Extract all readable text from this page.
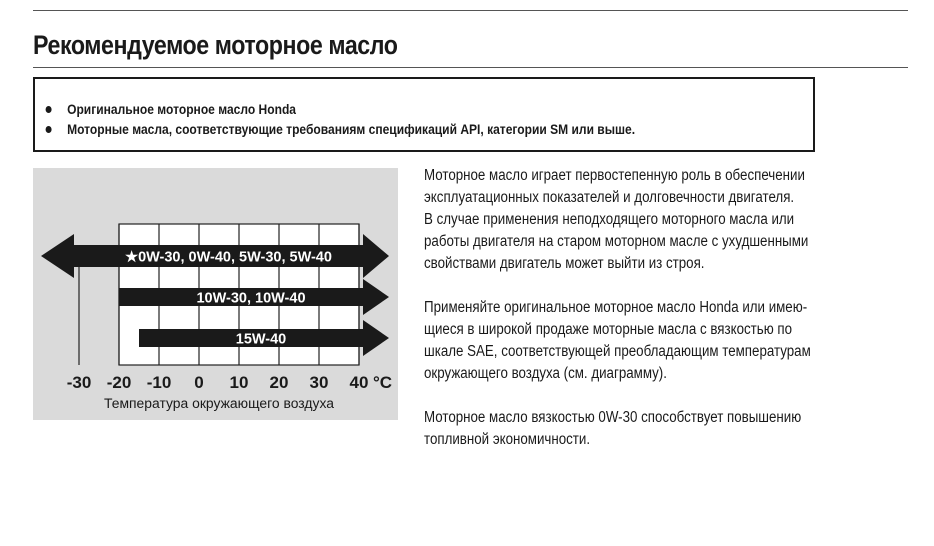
Рекомендуемое моторное масло
Оригинальное моторное масло Honda
Моторные масла, соответствующие требованиям спецификаций API, категории SM или выше.
★0W-30, 0W-40, 5W-30, 5W-40
10W-30, 10W-40
15W-40
-30 -20 -10 0 10 20 30 40 °C
Температура окружающего воздуха

Моторное масло играет первостепенную роль в обеспечении
эксплуатационных показателей и долговечности двигателя.
В случае применения неподходящего моторного масла или
работы двигателя на старом моторном масле с ухудшенными
свойствами двигатель может выйти из строя.

Применяйте оригинальное моторное масло Honda или имею-
щиеся в широкой продаже моторные масла с вязкостью по
шкале SAE, соответствующей преобладающим температурам
окружающего воздуха (см. диаграмму).

Моторное масло вязкостью 0W-30 способствует повышению
топливной экономичности.
